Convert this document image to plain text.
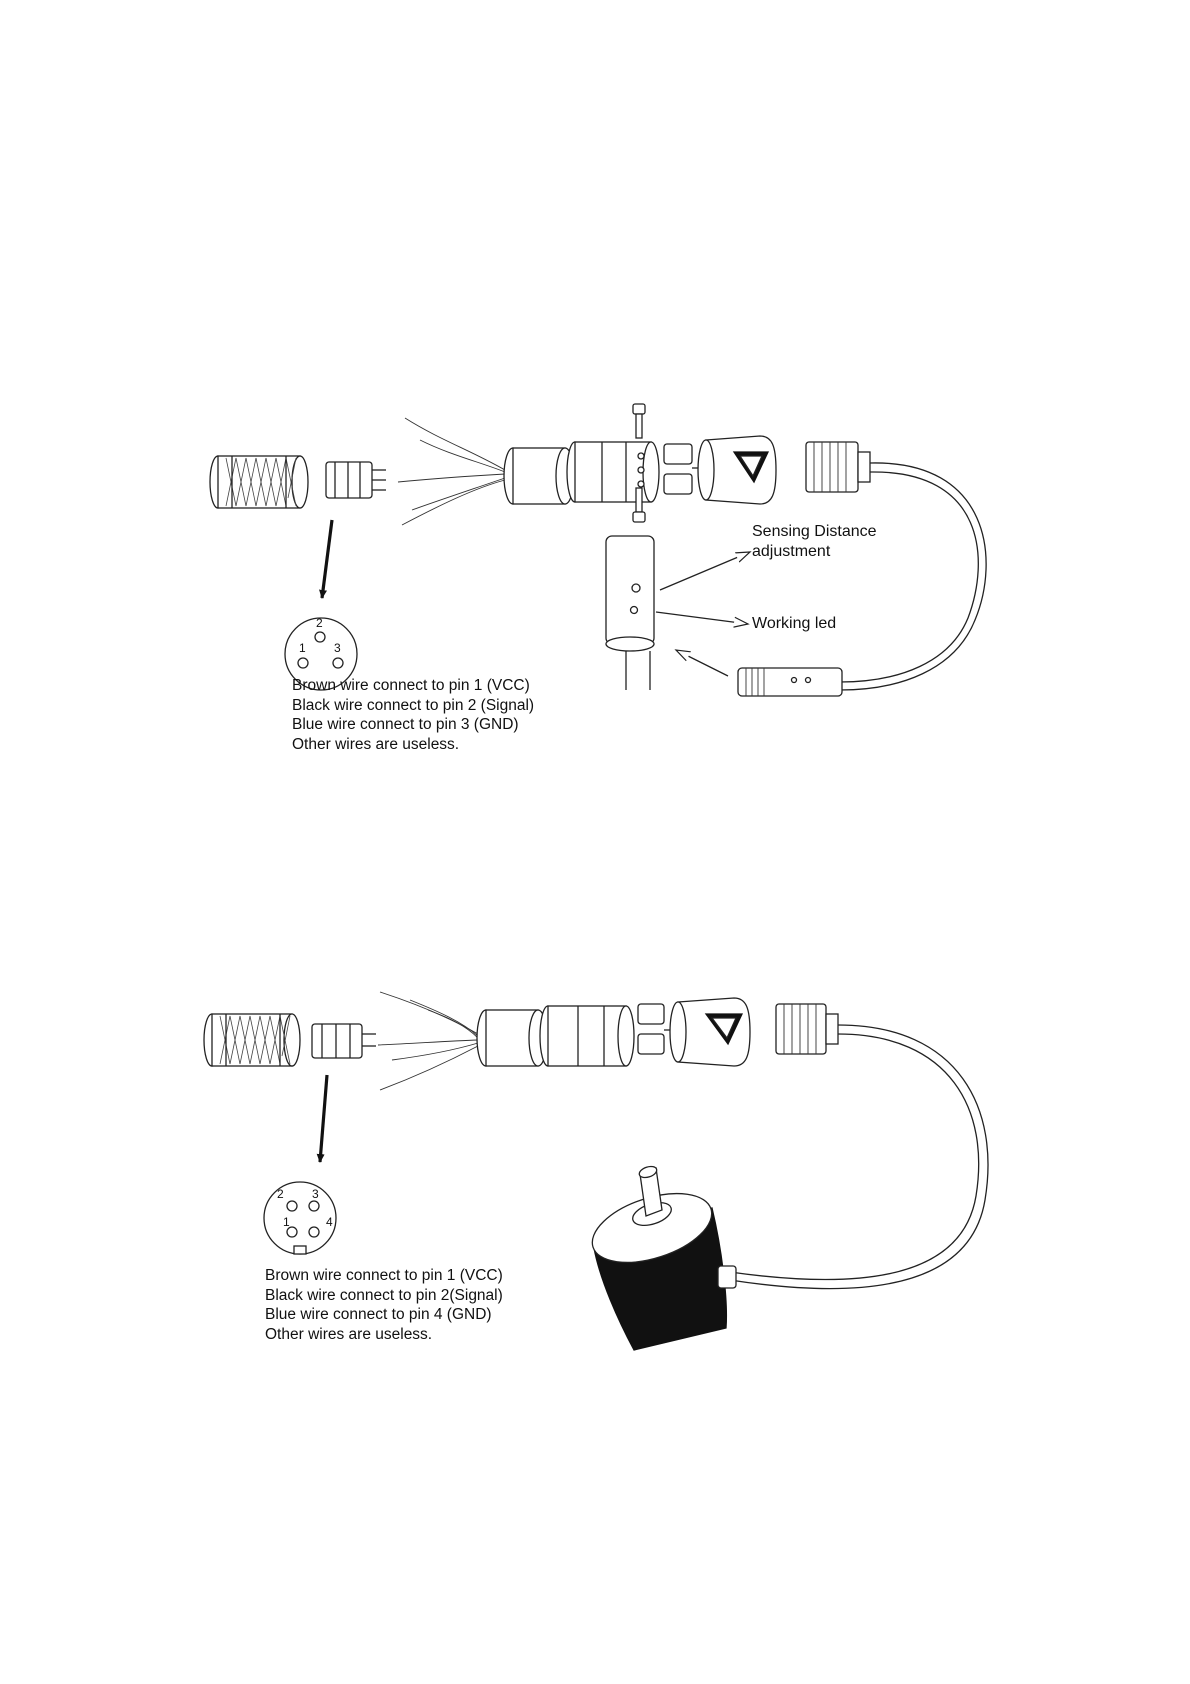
2
1 3
2 3
1	4
Sensing Distance
adjustment
Working led
Brown wire connect to pin 1 (VCC)
Black wire connect to pin 2 (Signal)
Blue wire connect to pin 3 (GND)
Other wires are useless.
Brown wire connect to pin 1 (VCC)
Black wire connect to pin 2(Signal)
Blue wire connect to pin 4 (GND)
Other wires are useless.
